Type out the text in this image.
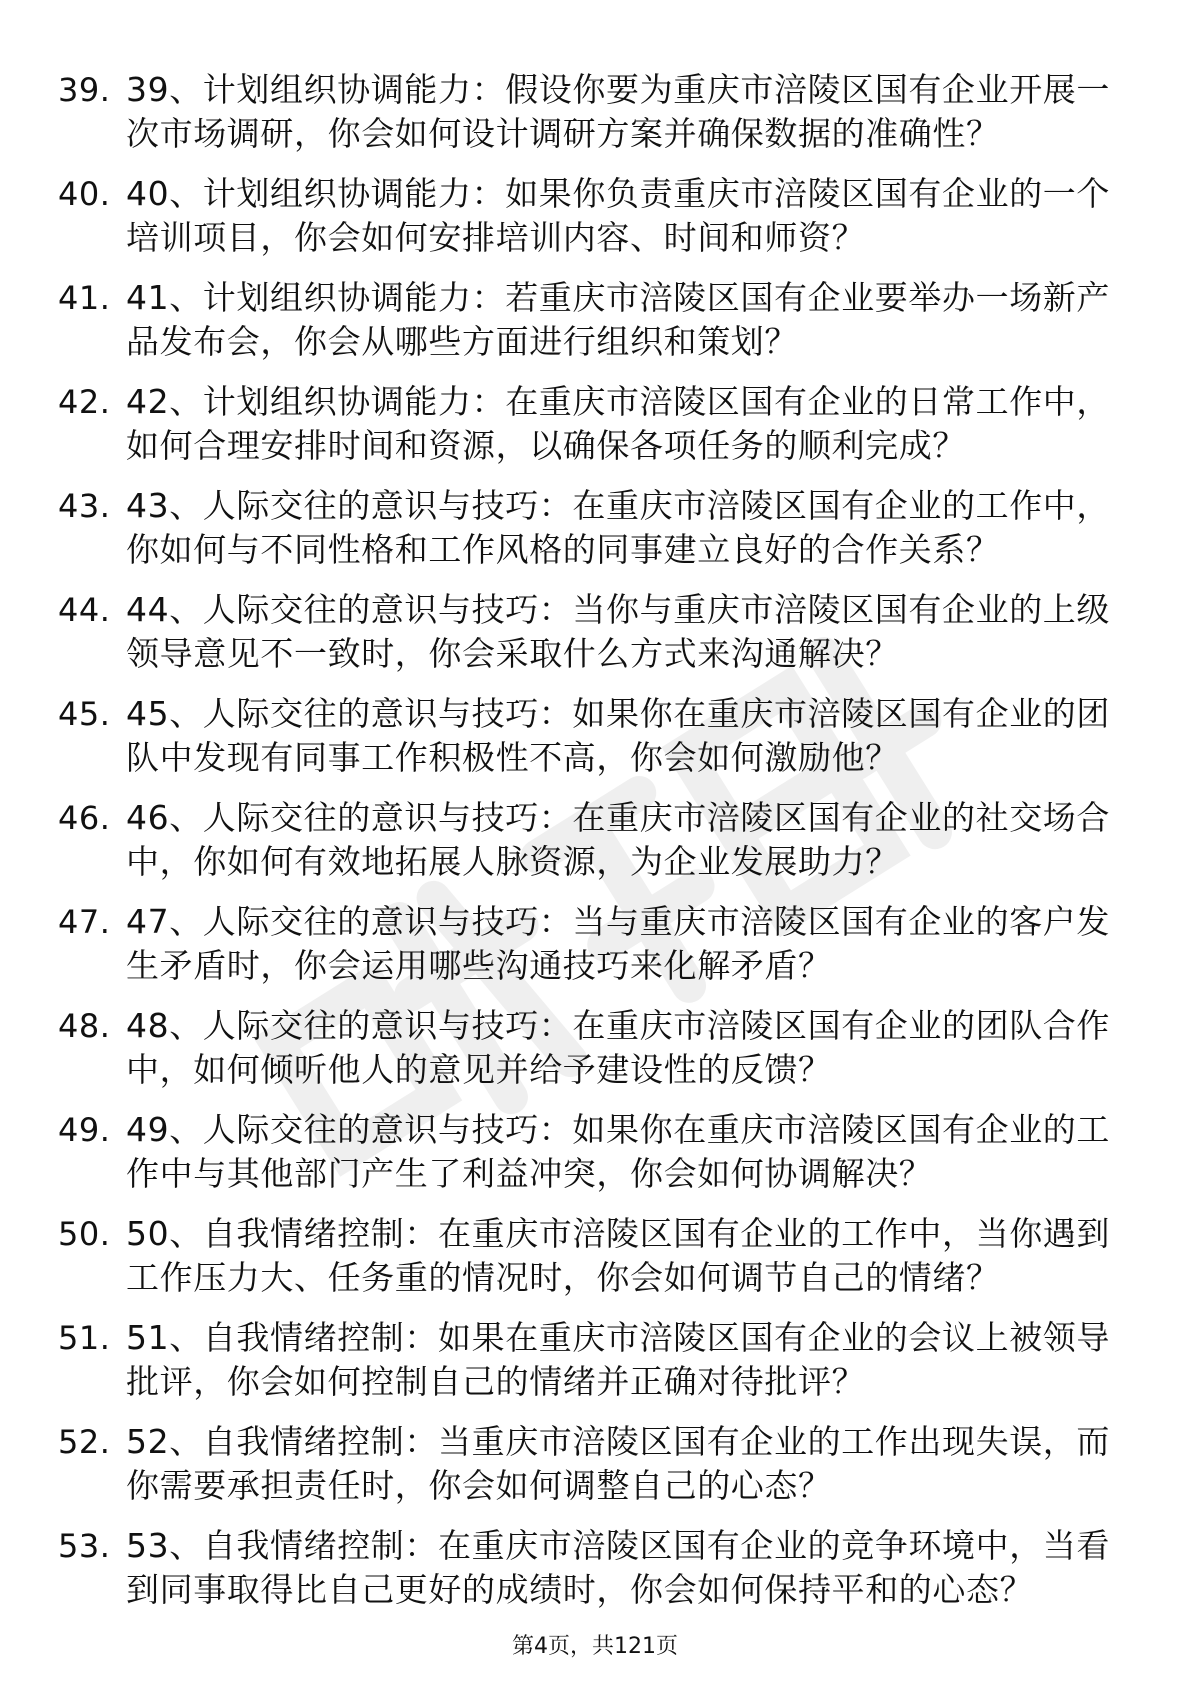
39. 39、计划组织协调能力：假设你要为重庆市涪陵区国有企业开展一次市场调研，你会如何设计调研方案并确保数据的准确性？
40. 40、计划组织协调能力：如果你负责重庆市涪陵区国有企业的一个培训项目，你会如何安排培训内容、时间和师资？
41. 41、计划组织协调能力：若重庆市涪陵区国有企业要举办一场新产品发布会，你会从哪些方面进行组织和策划？
42. 42、计划组织协调能力：在重庆市涪陵区国有企业的日常工作中，如何合理安排时间和资源，以确保各项任务的顺利完成？
43. 43、人际交往的意识与技巧：在重庆市涪陵区国有企业的工作中，你如何与不同性格和工作风格的同事建立良好的合作关系？
44. 44、人际交往的意识与技巧：当你与重庆市涪陵区国有企业的上级领导意见不一致时，你会采取什么方式来沟通解决？
45. 45、人际交往的意识与技巧：如果你在重庆市涪陵区国有企业的团队中发现有同事工作积极性不高，你会如何激励他？
46. 46、人际交往的意识与技巧：在重庆市涪陵区国有企业的社交场合中，你如何有效地拓展人脉资源，为企业发展助力？
47. 47、人际交往的意识与技巧：当与重庆市涪陵区国有企业的客户发生矛盾时，你会运用哪些沟通技巧来化解矛盾？
48. 48、人际交往的意识与技巧：在重庆市涪陵区国有企业的团队合作中，如何倾听他人的意见并给予建设性的反馈？
49. 49、人际交往的意识与技巧：如果你在重庆市涪陵区国有企业的工作中与其他部门产生了利益冲突，你会如何协调解决？
50. 50、自我情绪控制：在重庆市涪陵区国有企业的工作中，当你遇到工作压力大、任务重的情况时，你会如何调节自己的情绪？
51. 51、自我情绪控制：如果在重庆市涪陵区国有企业的会议上被领导批评，你会如何控制自己的情绪并正确对待批评？
52. 52、自我情绪控制：当重庆市涪陵区国有企业的工作出现失误，而你需要承担责任时，你会如何调整自己的心态？
53. 53、自我情绪控制：在重庆市涪陵区国有企业的竞争环境中，当看到同事取得比自己更好的成绩时，你会如何保持平和的心态？
第4页，共121页
